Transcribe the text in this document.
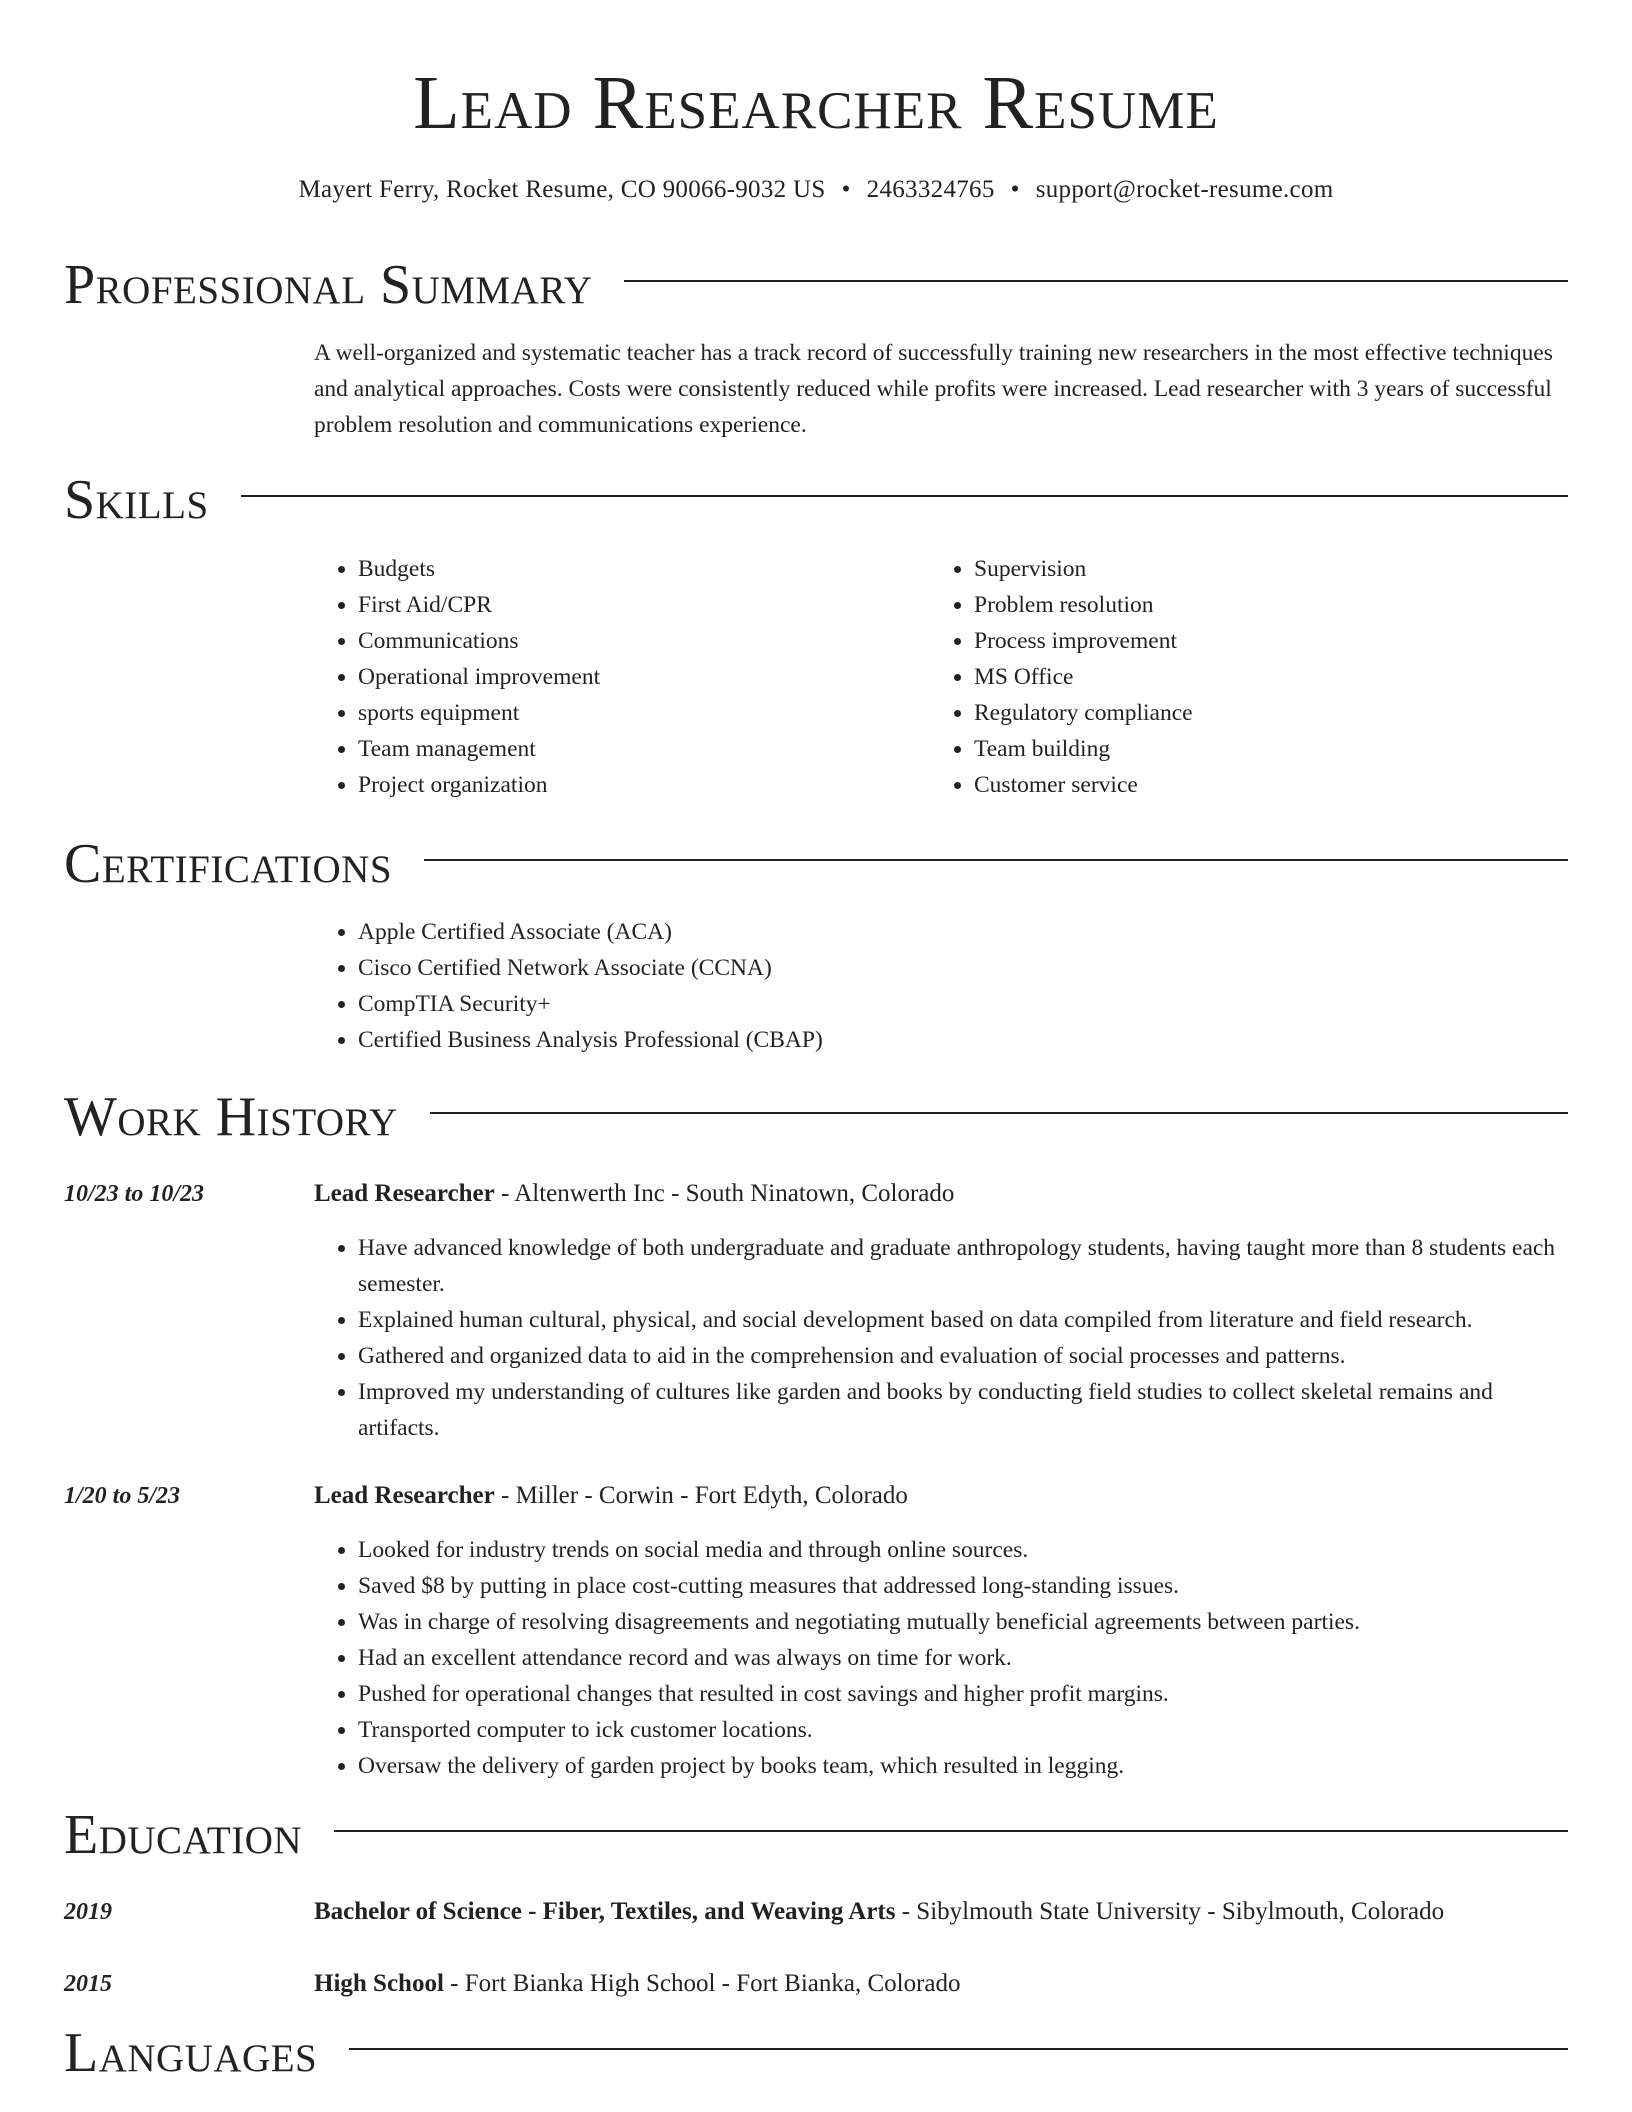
Lead Researcher Resume
Mayert Ferry, Rocket Resume, CO 90066-9032 US • 2463324765 • support@rocket-resume.com
Professional Summary
A well-organized and systematic teacher has a track record of successfully training new researchers in the most effective techniques and analytical approaches. Costs were consistently reduced while profits were increased. Lead researcher with 3 years of successful problem resolution and communications experience.
Skills
• Budgets
• First Aid/CPR
• Communications
• Operational improvement
• sports equipment
• Team management
• Project organization
• Supervision
• Problem resolution
• Process improvement
• MS Office
• Regulatory compliance
• Team building
• Customer service
Certifications
• Apple Certified Associate (ACA)
• Cisco Certified Network Associate (CCNA)
• CompTIA Security+
• Certified Business Analysis Professional (CBAP)
Work History
10/23 to 10/23	Lead Researcher - Altenwerth Inc - South Ninatown, Colorado
• Have advanced knowledge of both undergraduate and graduate anthropology students, having taught more than 8 students each semester.
• Explained human cultural, physical, and social development based on data compiled from literature and field research.
• Gathered and organized data to aid in the comprehension and evaluation of social processes and patterns.
• Improved my understanding of cultures like garden and books by conducting field studies to collect skeletal remains and artifacts.
1/20 to 5/23	Lead Researcher - Miller - Corwin - Fort Edyth, Colorado
• Looked for industry trends on social media and through online sources.
• Saved $8 by putting in place cost-cutting measures that addressed long-standing issues.
• Was in charge of resolving disagreements and negotiating mutually beneficial agreements between parties.
• Had an excellent attendance record and was always on time for work.
• Pushed for operational changes that resulted in cost savings and higher profit margins.
• Transported computer to ick customer locations.
• Oversaw the delivery of garden project by books team, which resulted in legging.
Education
2019	Bachelor of Science - Fiber, Textiles, and Weaving Arts - Sibylmouth State University - Sibylmouth, Colorado
2015	High School - Fort Bianka High School - Fort Bianka, Colorado
Languages
